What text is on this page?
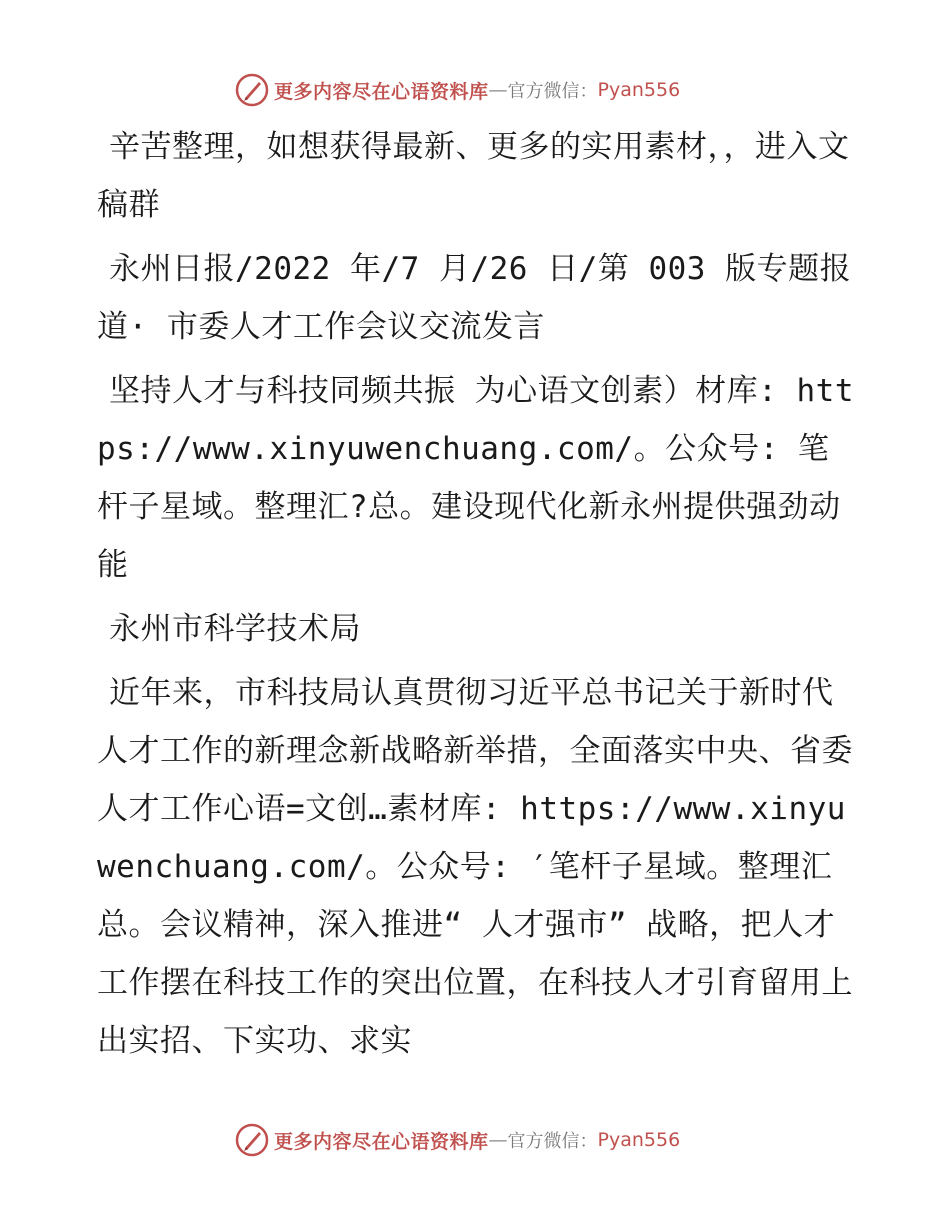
更多内容尽在心语资料库 — 官方微信： Pyan556

辛苦整理，如想获得最新、更多的实用素材，，进入文稿群

永州日报/2022 年/7 月/26 日/第 003 版专题报道· 市委人才工作会议交流发言

坚持人才与科技同频共振 为心语文创素）材库: https://www.xinyuwenchuang.com/。公众号: 笔杆子星域。整理汇?总。建设现代化新永州提供强劲动能

永州市科学技术局

近年来，市科技局认真贯彻习近平总书记关于新时代人才工作的新理念新战略新举措，全面落实中央、省委人才工作心语=文创…素材库: https://www.xinyuwenchuang.com/。公众号: ′笔杆子星域。整理汇总。会议精神，深入推进“ 人才强市” 战略，把人才工作摆在科技工作的突出位置，在科技人才引育留用上出实招、下实功、求实

更多内容尽在心语资料库 — 官方微信： Pyan556
